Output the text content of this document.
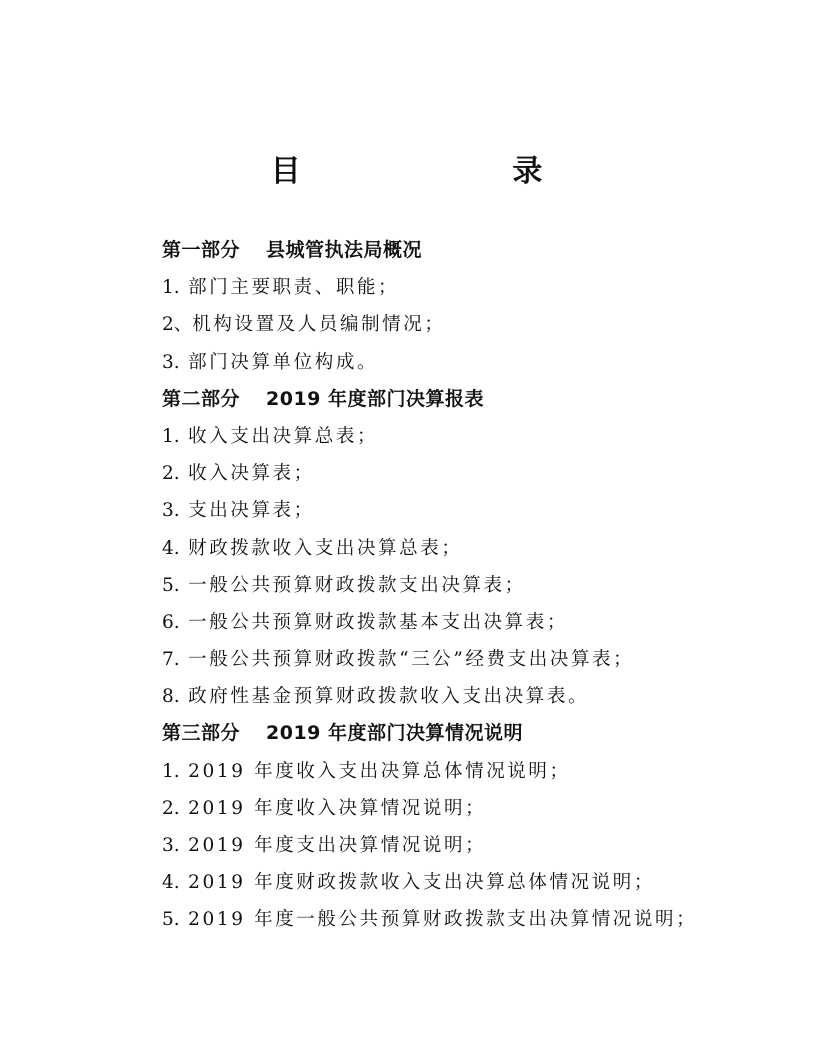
目    录
第一部分 县城管执法局概况
1. 部门主要职责、职能；
2、机构设置及人员编制情况；
3. 部门决算单位构成。
第二部分 2019 年度部门决算报表
1. 收入支出决算总表；
2. 收入决算表；
3. 支出决算表；
4. 财政拨款收入支出决算总表；
5. 一般公共预算财政拨款支出决算表；
6. 一般公共预算财政拨款基本支出决算表；
7. 一般公共预算财政拨款“三公”经费支出决算表；
8. 政府性基金预算财政拨款收入支出决算表。
第三部分 2019 年度部门决算情况说明
1. 2019 年度收入支出决算总体情况说明；
2. 2019 年度收入决算情况说明；
3. 2019 年度支出决算情况说明；
4. 2019 年度财政拨款收入支出决算总体情况说明；
5. 2019 年度一般公共预算财政拨款支出决算情况说明；
